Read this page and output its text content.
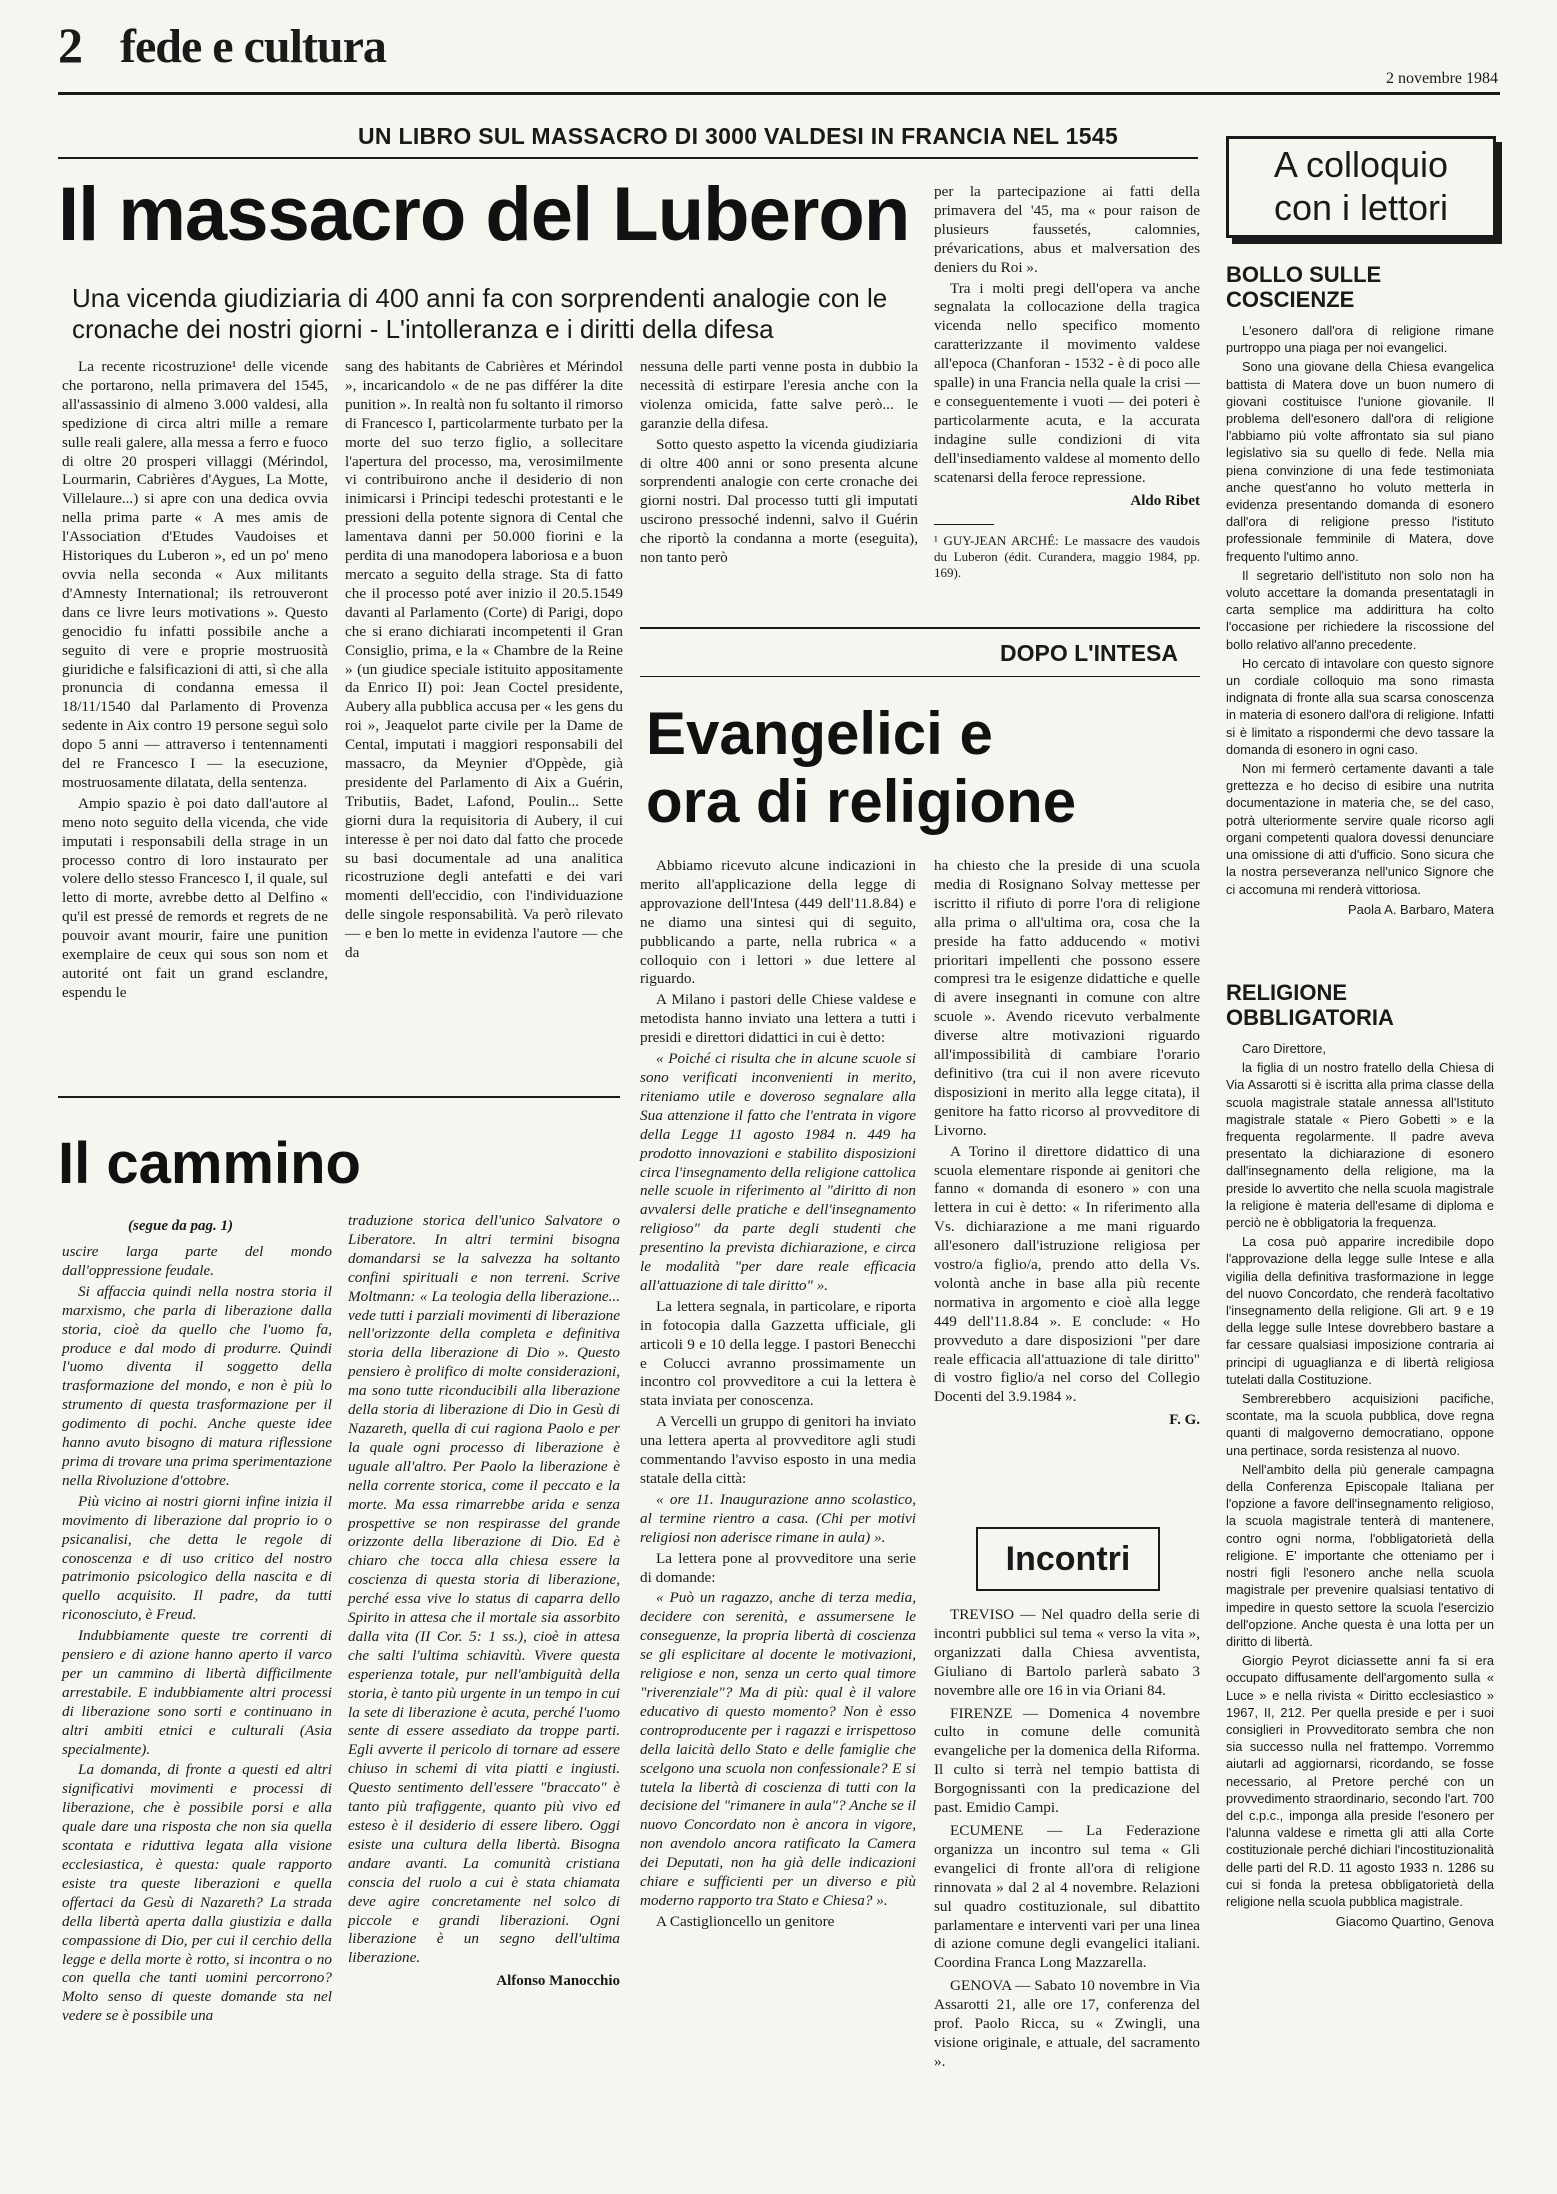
2 fede e cultura
2 novembre 1984
UN LIBRO SUL MASSACRO DI 3000 VALDESI IN FRANCIA NEL 1545
Il massacro del Luberon
Una vicenda giudiziaria di 400 anni fa con sorprendenti analogie con le cronache dei nostri giorni - L'intolleranza e i diritti della difesa

La recente ricostruzione¹ delle vicende che portarono, nella primavera del 1545, all'assassinio di almeno 3.000 valdesi, alla spedizione di circa altri mille a remare sulle reali galere, alla messa a ferro e fuoco di oltre 20 prosperi villaggi (Mérindol, Lourmarin, Cabrières d'Aygues, La Motte, Villelaure...) si apre con una dedica ovvia nella prima parte « A mes amis de l'Association d'Etudes Vaudoises et Historiques du Luberon », ed un po' meno ovvia nella seconda « Aux militants d'Amnesty International; ils retrouveront dans ce livre leurs motivations ». Questo genocidio fu infatti possibile anche a seguito di vere e proprie mostruosità giuridiche e falsificazioni di atti, sì che alla pronuncia di condanna emessa il 18/11/1540 dal Parlamento di Provenza sedente in Aix contro 19 persone seguì solo dopo 5 anni — attraverso i tentennamenti del re Francesco I — la esecuzione, mostruosamente dilatata, della sentenza.

Ampio spazio è poi dato dall'autore al meno noto seguito della vicenda, che vide imputati i responsabili della strage in un processo contro di loro instaurato per volere dello stesso Francesco I, il quale, sul letto di morte, avrebbe detto al Delfino « qu'il est pressé de remords et regrets de ne pouvoir avant mourir, faire une punition exemplaire de ceux qui sous son nom et autorité ont fait un grand esclandre, espendu le

sang des habitants de Cabrières et Mérindol », incaricandolo « de ne pas différer la dite punition ». In realtà non fu soltanto il rimorso di Francesco I, particolarmente turbato per la morte del suo terzo figlio, a sollecitare l'apertura del processo, ma, verosimilmente vi contribuirono anche il desiderio di non inimicarsi i Principi tedeschi protestanti e le pressioni della potente signora di Cental che lamentava danni per 50.000 fiorini e la perdita di una manodopera laboriosa e a buon mercato a seguito della strage. Sta di fatto che il processo poté aver inizio il 20.5.1549 davanti al Parlamento (Corte) di Parigi, dopo che si erano dichiarati incompetenti il Gran Consiglio, prima, e la « Chambre de la Reine » (un giudice speciale istituito appositamente da Enrico II) poi: Jean Coctel presidente, Aubery alla pubblica accusa per « les gens du roi », Jeaquelot parte civile per la Dame de Cental, imputati i maggiori responsabili del massacro, da Meynier d'Oppède, già presidente del Parlamento di Aix a Guérin, Tributiis, Badet, Lafond, Poulin... Sette giorni dura la requisitoria di Aubery, il cui interesse è per noi dato dal fatto che procede su basi documentale ad una analitica ricostruzione degli antefatti e dei vari momenti dell'eccidio, con l'individuazione delle singole responsabilità. Va però rilevato — e ben lo mette in evidenza l'autore — che da

nessuna delle parti venne posta in dubbio la necessità di estirpare l'eresia anche con la violenza omicida, fatte salve però... le garanzie della difesa.

Sotto questo aspetto la vicenda giudiziaria di oltre 400 anni or sono presenta alcune sorprendenti analogie con certe cronache dei giorni nostri. Dal processo tutti gli imputati uscirono pressoché indenni, salvo il Guérin che riportò la condanna a morte (eseguita), non tanto però

per la partecipazione ai fatti della primavera del '45, ma « pour raison de plusieurs faussetés, calomnies, prévarications, abus et malversation des deniers du Roi ».

Tra i molti pregi dell'opera va anche segnalata la collocazione della tragica vicenda nello specifico momento caratterizzante il movimento valdese all'epoca (Chanforan - 1532 - è di poco alle spalle) in una Francia nella quale la crisi — e conseguentemente i vuoti — dei poteri è particolarmente acuta, e la accurata indagine sulle condizioni di vita dell'insediamento valdese al momento dello scatenarsi della feroce repressione.

Aldo Ribet

¹ GUY-JEAN ARCHÉ: Le massacre des vaudois du Luberon (édit. Curandera, maggio 1984, pp. 169).

DOPO L'INTESA
Evangelici e
ora di religione

Abbiamo ricevuto alcune indicazioni in merito all'applicazione della legge di approvazione dell'Intesa (449 dell'11.8.84) e ne diamo una sintesi qui di seguito, pubblicando a parte, nella rubrica « a colloquio con i lettori » due lettere al riguardo.

A Milano i pastori delle Chiese valdese e metodista hanno inviato una lettera a tutti i presidi e direttori didattici in cui è detto:

« Poiché ci risulta che in alcune scuole si sono verificati inconvenienti in merito, riteniamo utile e doveroso segnalare alla Sua attenzione il fatto che l'entrata in vigore della Legge 11 agosto 1984 n. 449 ha prodotto innovazioni e stabilito disposizioni circa l'insegnamento della religione cattolica nelle scuole in riferimento al "diritto di non avvalersi delle pratiche e dell'insegnamento religioso" da parte degli studenti che presentino la prevista dichiarazione, e circa le modalità "per dare reale efficacia all'attuazione di tale diritto" ».

La lettera segnala, in particolare, e riporta in fotocopia dalla Gazzetta ufficiale, gli articoli 9 e 10 della legge. I pastori Benecchi e Colucci avranno prossimamente un incontro col provveditore a cui la lettera è stata inviata per conoscenza.

A Vercelli un gruppo di genitori ha inviato una lettera aperta al provveditore agli studi commentando l'avviso esposto in una media statale della città:

« ore 11. Inaugurazione anno scolastico, al termine rientro a casa. (Chi per motivi religiosi non aderisce rimane in aula) ».

La lettera pone al provveditore una serie di domande:

« Può un ragazzo, anche di terza media, decidere con serenità, e assumersene le conseguenze, la propria libertà di coscienza se gli esplicitare al docente le motivazioni, religiose e non, senza un certo qual timore "riverenziale"? Ma di più: qual è il valore educativo di questo momento? Non è esso controproducente per i ragazzi e irrispettoso della laicità dello Stato e delle famiglie che scelgono una scuola non confessionale? E si tutela la libertà di coscienza di tutti con la decisione del "rimanere in aula"? Anche se il nuovo Concordato non è ancora in vigore, non avendolo ancora ratificato la Camera dei Deputati, non ha già delle indicazioni chiare e sufficienti per un diverso e più moderno rapporto tra Stato e Chiesa? ».

A Castiglioncello un genitore

ha chiesto che la preside di una scuola media di Rosignano Solvay mettesse per iscritto il rifiuto di porre l'ora di religione alla prima o all'ultima ora, cosa che la preside ha fatto adducendo « motivi prioritari impellenti che possono essere compresi tra le esigenze didattiche e quelle di avere insegnanti in comune con altre scuole ». Avendo ricevuto verbalmente diverse altre motivazioni riguardo all'impossibilità di cambiare l'orario definitivo (tra cui il non avere ricevuto disposizioni in merito alla legge citata), il genitore ha fatto ricorso al provveditore di Livorno.

A Torino il direttore didattico di una scuola elementare risponde ai genitori che fanno « domanda di esonero » con una lettera in cui è detto: « In riferimento alla Vs. dichiarazione a me mani riguardo all'esonero dall'istruzione religiosa per vostro/a figlio/a, prendo atto della Vs. volontà anche in base alla più recente normativa in argomento e cioè alla legge 449 dell'11.8.84 ». E conclude: « Ho provveduto a dare disposizioni "per dare reale efficacia all'attuazione di tale diritto" di vostro figlio/a nel corso del Collegio Docenti del 3.9.1984 ».

F. G.
Incontri

TREVISO — Nel quadro della serie di incontri pubblici sul tema « verso la vita », organizzati dalla Chiesa avventista, Giuliano di Bartolo parlerà sabato 3 novembre alle ore 16 in via Oriani 84.

FIRENZE — Domenica 4 novembre culto in comune delle comunità evangeliche per la domenica della Riforma. Il culto si terrà nel tempio battista di Borgognissanti con la predicazione del past. Emidio Campi.

ECUMENE — La Federazione organizza un incontro sul tema « Gli evangelici di fronte all'ora di religione rinnovata » dal 2 al 4 novembre. Relazioni sul quadro costituzionale, sul dibattito parlamentare e interventi vari per una linea di azione comune degli evangelici italiani. Coordina Franca Long Mazzarella.

GENOVA — Sabato 10 novembre in Via Assarotti 21, alle ore 17, conferenza del prof. Paolo Ricca, su « Zwingli, una visione originale, e attuale, del sacramento ».

Il cammino
(segue da pag. 1)

uscire larga parte del mondo dall'oppressione feudale.

Si affaccia quindi nella nostra storia il marxismo, che parla di liberazione dalla storia, cioè da quello che l'uomo fa, produce e dal modo di produrre. Quindi l'uomo diventa il soggetto della trasformazione del mondo, e non è più lo strumento di questa trasformazione per il godimento di pochi. Anche queste idee hanno avuto bisogno di matura riflessione prima di trovare una prima sperimentazione nella Rivoluzione d'ottobre.

Più vicino ai nostri giorni infine inizia il movimento di liberazione dal proprio io o psicanalisi, che detta le regole di conoscenza e di uso critico del nostro patrimonio psicologico della nascita e di quello acquisito. Il padre, da tutti riconosciuto, è Freud.

Indubbiamente queste tre correnti di pensiero e di azione hanno aperto il varco per un cammino di libertà difficilmente arrestabile. E indubbiamente altri processi di liberazione sono sorti e continuano in altri ambiti etnici e culturali (Asia specialmente).

La domanda, di fronte a questi ed altri significativi movimenti e processi di liberazione, che è possibile porsi e alla quale dare una risposta che non sia quella scontata e riduttiva legata alla visione ecclesiastica, è questa: quale rapporto esiste tra queste liberazioni e quella offertaci da Gesù di Nazareth? La strada della libertà aperta dalla giustizia e dalla compassione di Dio, per cui il cerchio della legge e della morte è rotto, si incontra o no con quella che tanti uomini percorrono? Molto senso di queste domande sta nel vedere se è possibile una

traduzione storica dell'unico Salvatore o Liberatore. In altri termini bisogna domandarsi se la salvezza ha soltanto confini spirituali e non terreni. Scrive Moltmann: « La teologia della liberazione... vede tutti i parziali movimenti di liberazione nell'orizzonte della completa e definitiva storia della liberazione di Dio ». Questo pensiero è prolifico di molte considerazioni, ma sono tutte riconducibili alla liberazione della storia di liberazione di Dio in Gesù di Nazareth, quella di cui ragiona Paolo e per la quale ogni processo di liberazione è uguale all'altro. Per Paolo la liberazione è nella corrente storica, come il peccato e la morte. Ma essa rimarrebbe arida e senza prospettive se non respirasse del grande orizzonte della liberazione di Dio. Ed è chiaro che tocca alla chiesa essere la coscienza di questa storia di liberazione, perché essa vive lo status di caparra dello Spirito in attesa che il mortale sia assorbito dalla vita (II Cor. 5: 1 ss.), cioè in attesa che salti l'ultima schiavitù. Vivere questa esperienza totale, pur nell'ambiguità della storia, è tanto più urgente in un tempo in cui la sete di liberazione è acuta, perché l'uomo sente di essere assediato da troppe parti. Egli avverte il pericolo di tornare ad essere chiuso in schemi di vita piatti e ingiusti. Questo sentimento dell'essere "braccato" è tanto più trafiggente, quanto più vivo ed esteso è il desiderio di essere libero. Oggi esiste una cultura della libertà. Bisogna andare avanti. La comunità cristiana conscia del ruolo a cui è stata chiamata deve agire concretamente nel solco di piccole e grandi liberazioni. Ogni liberazione è un segno dell'ultima liberazione.

Alfonso Manocchio
A colloquio
con i lettori
BOLLO SULLE
COSCIENZE

L'esonero dall'ora di religione rimane purtroppo una piaga per noi evangelici.

Sono una giovane della Chiesa evangelica battista di Matera dove un buon numero di giovani costituisce l'unione giovanile. Il problema dell'esonero dall'ora di religione l'abbiamo più volte affrontato sia sul piano legislativo sia su quello di fede. Nella mia piena convinzione di una fede testimoniata anche quest'anno ho voluto metterla in evidenza presentando domanda di esonero dall'ora di religione presso l'istituto professionale femminile di Matera, dove frequento l'ultimo anno.

Il segretario dell'istituto non solo non ha voluto accettare la domanda presentatagli in carta semplice ma addirittura ha colto l'occasione per richiedere la riscossione del bollo relativo all'anno precedente.

Ho cercato di intavolare con questo signore un cordiale colloquio ma sono rimasta indignata di fronte alla sua scarsa conoscenza in materia di esonero dall'ora di religione. Infatti si è limitato a rispondermi che devo tassare la domanda di esonero in ogni caso.

Non mi fermerò certamente davanti a tale grettezza e ho deciso di esibire una nutrita documentazione in materia che, se del caso, potrà ulteriormente servire quale ricorso agli organi competenti qualora dovessi denunciare una omissione di atti d'ufficio. Sono sicura che la nostra perseveranza nell'unico Signore che ci accomuna mi renderà vittoriosa.

Paola A. Barbaro, Matera
RELIGIONE
OBBLIGATORIA

Caro Direttore,

la figlia di un nostro fratello della Chiesa di Via Assarotti si è iscritta alla prima classe della scuola magistrale statale annessa all'Istituto magistrale statale « Piero Gobetti » e la frequenta regolarmente. Il padre aveva presentato la dichiarazione di esonero dall'insegnamento della religione, ma la preside lo avvertito che nella scuola magistrale la religione è materia dell'esame di diploma e perciò ne è obbligatoria la frequenza.

La cosa può apparire incredibile dopo l'approvazione della legge sulle Intese e alla vigilia della definitiva trasformazione in legge del nuovo Concordato, che renderà facoltativo l'insegnamento della religione. Gli art. 9 e 19 della legge sulle Intese dovrebbero bastare a far cessare qualsiasi imposizione contraria ai principi di uguaglianza e di libertà religiosa tutelati dalla Costituzione.

Sembrerebbero acquisizioni pacifiche, scontate, ma la scuola pubblica, dove regna quanti di malgoverno democratiano, oppone una pertinace, sorda resistenza al nuovo.

Nell'ambito della più generale campagna della Conferenza Episcopale Italiana per l'opzione a favore dell'insegnamento religioso, la scuola magistrale tenterà di mantenere, contro ogni norma, l'obbligatorietà della religione. E' importante che otteniamo per i nostri figli l'esonero anche nella scuola magistrale per prevenire qualsiasi tentativo di impedire in questo settore la scuola l'esercizio dell'opzione. Anche questa è una lotta per un diritto di libertà.

Giorgio Peyrot diciassette anni fa si era occupato diffusamente dell'argomento sulla « Luce » e nella rivista « Diritto ecclesiastico » 1967, II, 212. Per quella preside e per i suoi consiglieri in Provveditorato sembra che non sia successo nulla nel frattempo. Vorremmo aiutarli ad aggiornarsi, ricordando, se fosse necessario, al Pretore perché con un provvedimento straordinario, secondo l'art. 700 del c.p.c., imponga alla preside l'esonero per l'alunna valdese e rimetta gli atti alla Corte costituzionale perché dichiari l'incostituzionalità delle parti del R.D. 11 agosto 1933 n. 1286 su cui si fonda la pretesa obbligatorietà della religione nella scuola pubblica magistrale.

Giacomo Quartino, Genova
